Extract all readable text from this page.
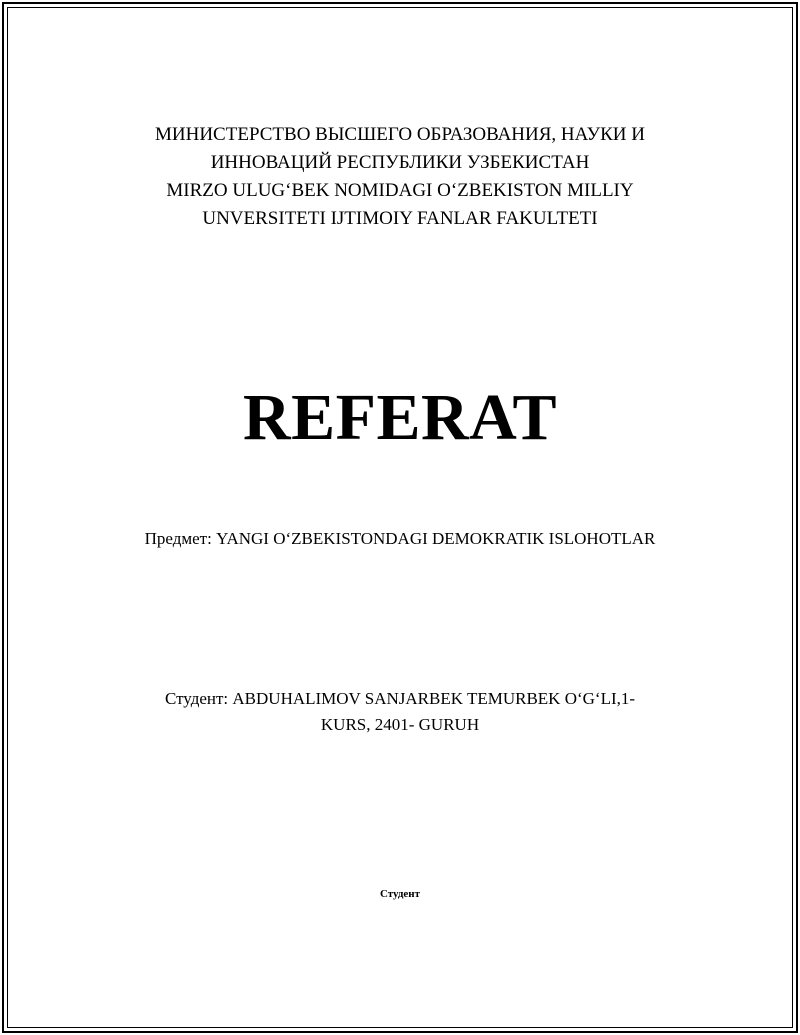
МИНИСТЕРСТВО ВЫСШЕГО ОБРАЗОВАНИЯ, НАУКИ И
ИННОВАЦИЙ РЕСПУБЛИКИ УЗБЕКИСТАН
MIRZO ULUG‘BEK NOMIDAGI O‘ZBEKISTON MILLIY
UNVERSITETI IJTIMOIY FANLAR FAKULTETI
REFERAT
Предмет: YANGI O‘ZBEKISTONDAGI DEMOKRATIK ISLOHOTLAR
Студент: ABDUHALIMOV SANJARBEK TEMURBEK O‘G‘LI,1-
KURS, 2401- GURUH
Студент
